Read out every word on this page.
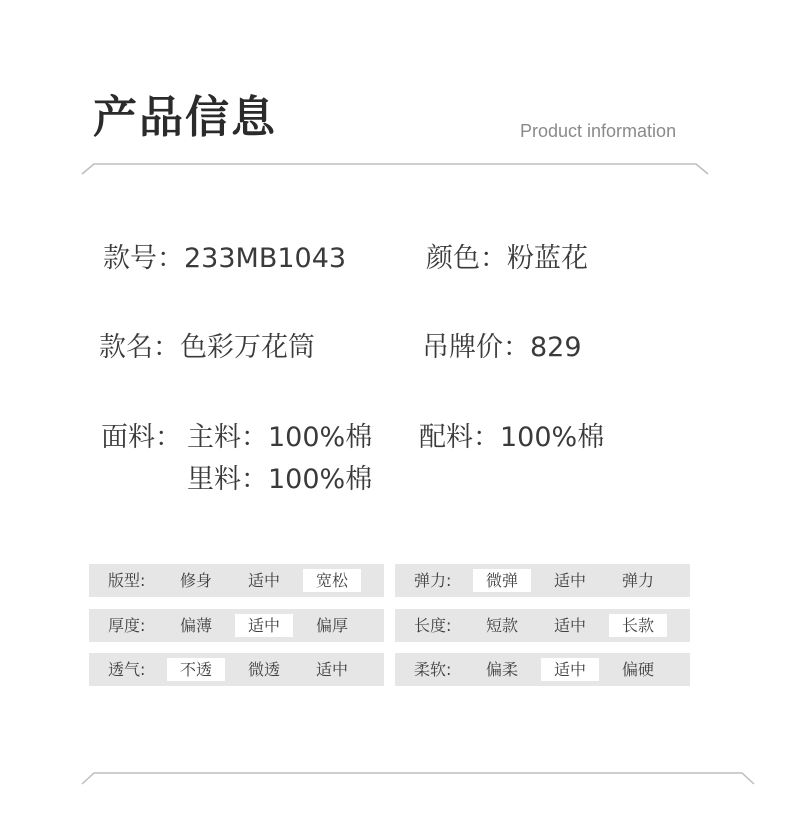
产品信息	Product information
款号：233MB1043	颜色：粉蓝花
款名：色彩万花筒	吊牌价：829
面料： 主料：100%棉
里料：100%棉
配料：100%棉
版型:	修身	适中	宽松
厚度:	偏薄	适中	偏厚
透气:	不透	微透	适中
弹力:	微弹	适中	弹力
长度:	短款	适中	长款
柔软:	偏柔	适中	偏硬
